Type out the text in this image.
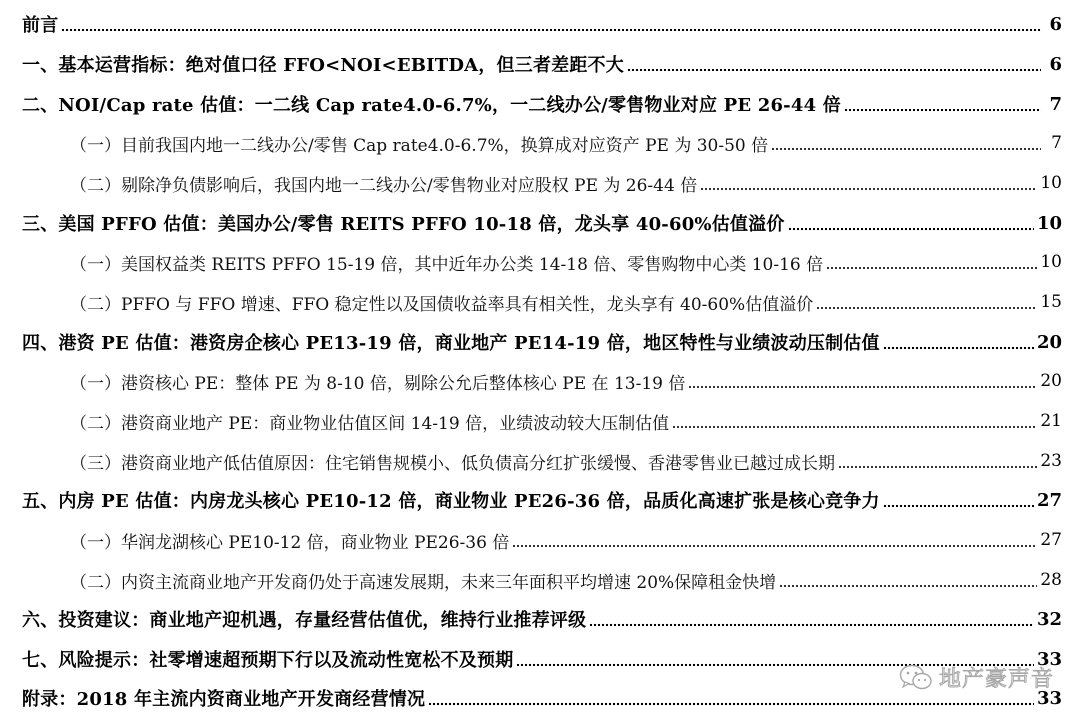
前言	6
一、基本运营指标：绝对值口径 FFO<NOI<EBITDA，但三者差距不大	6
二、NOI/Cap rate 估值：一二线 Cap rate4.0-6.7%，一二线办公/零售物业对应 PE 26-44 倍	7
（一）目前我国内地一二线办公/零售 Cap rate4.0-6.7%，换算成对应资产 PE 为 30-50 倍	7
（二）剔除净负债影响后，我国内地一二线办公/零售物业对应股权 PE 为 26-44 倍	10
三、美国 PFFO 估值：美国办公/零售 REITS PFFO 10-18 倍，龙头享 40-60%估值溢价	10
（一）美国权益类 REITS PFFO 15-19 倍，其中近年办公类 14-18 倍、零售购物中心类 10-16 倍	10
（二）PFFO 与 FFO 增速、FFO 稳定性以及国债收益率具有相关性，龙头享有 40-60%估值溢价	15
四、港资 PE 估值：港资房企核心 PE13-19 倍，商业地产 PE14-19 倍，地区特性与业绩波动压制估值	20
（一）港资核心 PE：整体 PE 为 8-10 倍，剔除公允后整体核心 PE 在 13-19 倍	20
（二）港资商业地产 PE：商业物业估值区间 14-19 倍，业绩波动较大压制估值	21
（三）港资商业地产低估值原因：住宅销售规模小、低负债高分红扩张缓慢、香港零售业已越过成长期	23
五、内房 PE 估值：内房龙头核心 PE10-12 倍，商业物业 PE26-36 倍，品质化高速扩张是核心竞争力	27
（一）华润龙湖核心 PE10-12 倍，商业物业 PE26-36 倍	27
（二）内资主流商业地产开发商仍处于高速发展期，未来三年面积平均增速 20%保障租金快增	28
六、投资建议：商业地产迎机遇，存量经营估值优，维持行业推荐评级	32
七、风险提示：社零增速超预期下行以及流动性宽松不及预期	33
附录：2018 年主流内资商业地产开发商经营情况	33
地产豪声音
